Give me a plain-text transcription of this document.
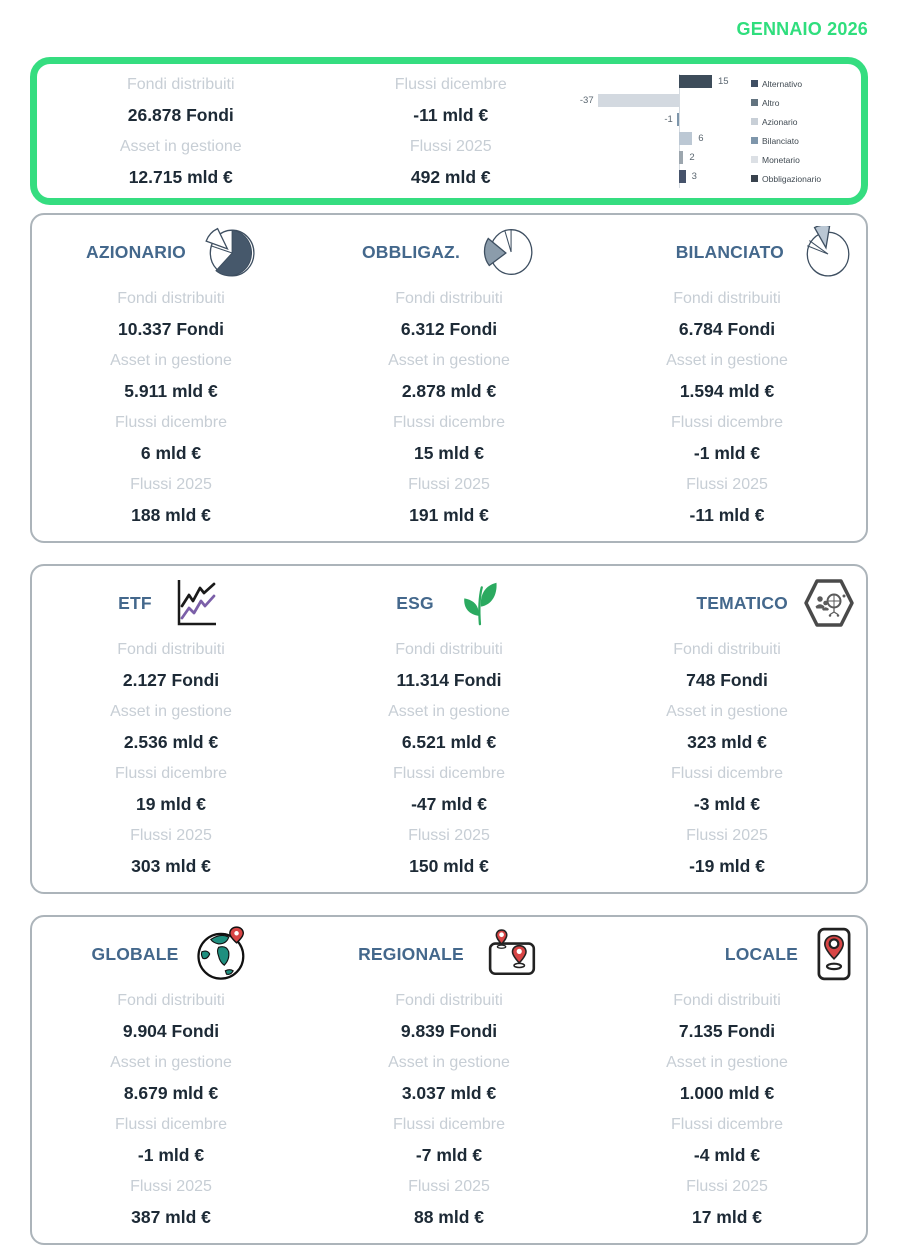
GENNAIO 2026
Fondi distribuiti
26.878 Fondi
Asset in gestione
12.715 mld €
Flussi dicembre
-11 mld €
Flussi 2025
492 mld €
15
-37
-1
6
2
3
Alternativo
Altro
Azionario
Bilanciato
Monetario
Obbligazionario
AZIONARIO
Fondi distribuiti
10.337 Fondi
Asset in gestione
5.911 mld €
Flussi dicembre
6 mld €
Flussi 2025
188 mld €
OBBLIGAZ.
Fondi distribuiti
6.312 Fondi
Asset in gestione
2.878 mld €
Flussi dicembre
15 mld €
Flussi 2025
191 mld €
BILANCIATO
Fondi distribuiti
6.784 Fondi
Asset in gestione
1.594 mld €
Flussi dicembre
-1 mld €
Flussi 2025
-11 mld €
ETF
Fondi distribuiti
2.127 Fondi
Asset in gestione
2.536 mld €
Flussi dicembre
19 mld €
Flussi 2025
303 mld €
ESG
Fondi distribuiti
11.314 Fondi
Asset in gestione
6.521 mld €
Flussi dicembre
-47 mld €
Flussi 2025
150 mld €
TEMATICO
Fondi distribuiti
748 Fondi
Asset in gestione
323 mld €
Flussi dicembre
-3 mld €
Flussi 2025
-19 mld €
GLOBALE
Fondi distribuiti
9.904 Fondi
Asset in gestione
8.679 mld €
Flussi dicembre
-1 mld €
Flussi 2025
387 mld €
REGIONALE
Fondi distribuiti
9.839 Fondi
Asset in gestione
3.037 mld €
Flussi dicembre
-7 mld €
Flussi 2025
88 mld €
LOCALE
Fondi distribuiti
7.135 Fondi
Asset in gestione
1.000 mld €
Flussi dicembre
-4 mld €
Flussi 2025
17 mld €
